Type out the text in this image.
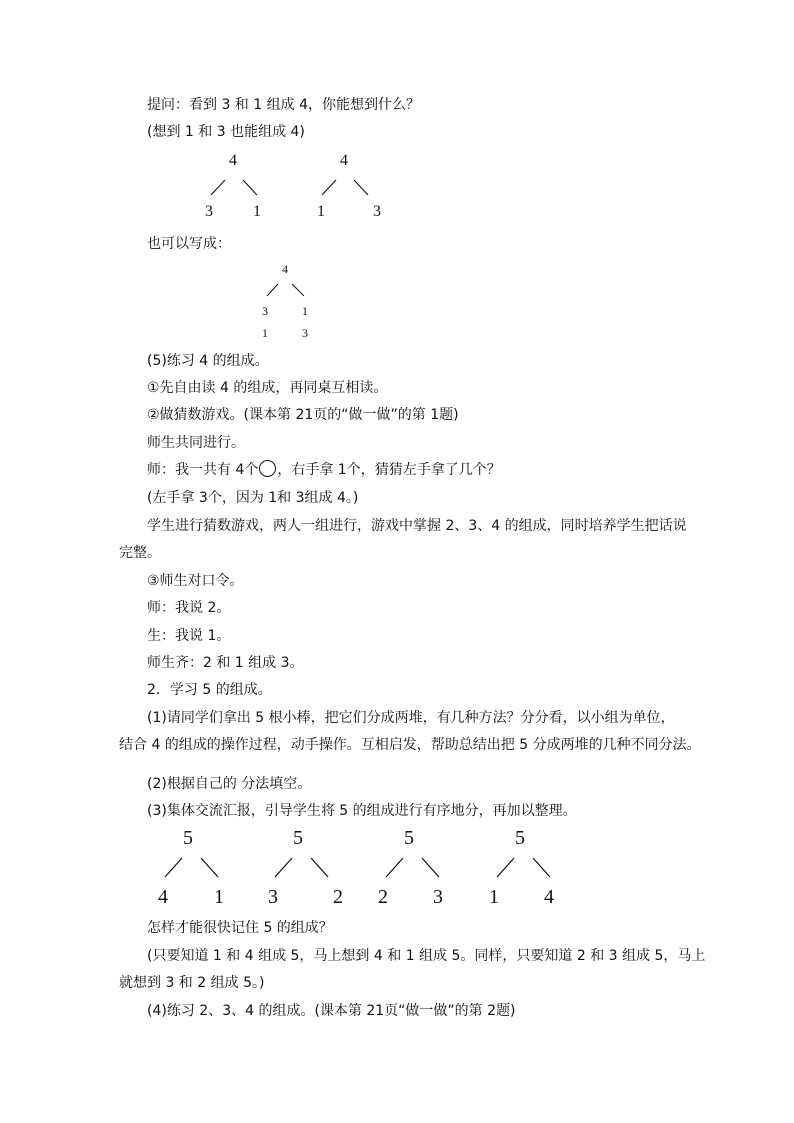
提问：看到 3 和 1 组成 4，你能想到什么？
(想到 1 和 3 也能组成 4)
4
3	1
4
1	3
也可以写成：
4
3	1
1	3
(5)练习 4 的组成。
①先自由读 4 的组成，再同桌互相读。
②做猜数游戏。(课本第 21页的“做一做”的第 1题)
师生共同进行。
师：我一共有 4个 ，右手拿 1个，猜猜左手拿了几个？
(左手拿 3个，因为 1和 3组成 4。)
学生进行猜数游戏，两人一组进行，游戏中掌握 2、3、4 的组成，同时培养学生把话说
完整。
③师生对口令。
师：我说 2。
生：我说 1。
师生齐：2 和 1 组成 3。
2．学习 5 的组成。
(1)请同学们拿出 5 根小棒，把它们分成两堆，有几种方法？分分看，以小组为单位，
结合 4 的组成的操作过程，动手操作。互相启发，帮助总结出把 5 分成两堆的几种不同分法。
(2)根据自己的 分法填空。
(3)集体交流汇报，引导学生将 5 的组成进行有序地分，再加以整理。
5
4	1
5
3	2
5
2	3
5
1	4
怎样才能很快记住 5 的组成？
(只要知道 1 和 4 组成 5，马上想到 4 和 1 组成 5。同样，只要知道 2 和 3 组成 5，马上
就想到 3 和 2 组成 5。)
(4)练习 2、3、4 的组成。(课本第 21页“做一做”的第 2题)
